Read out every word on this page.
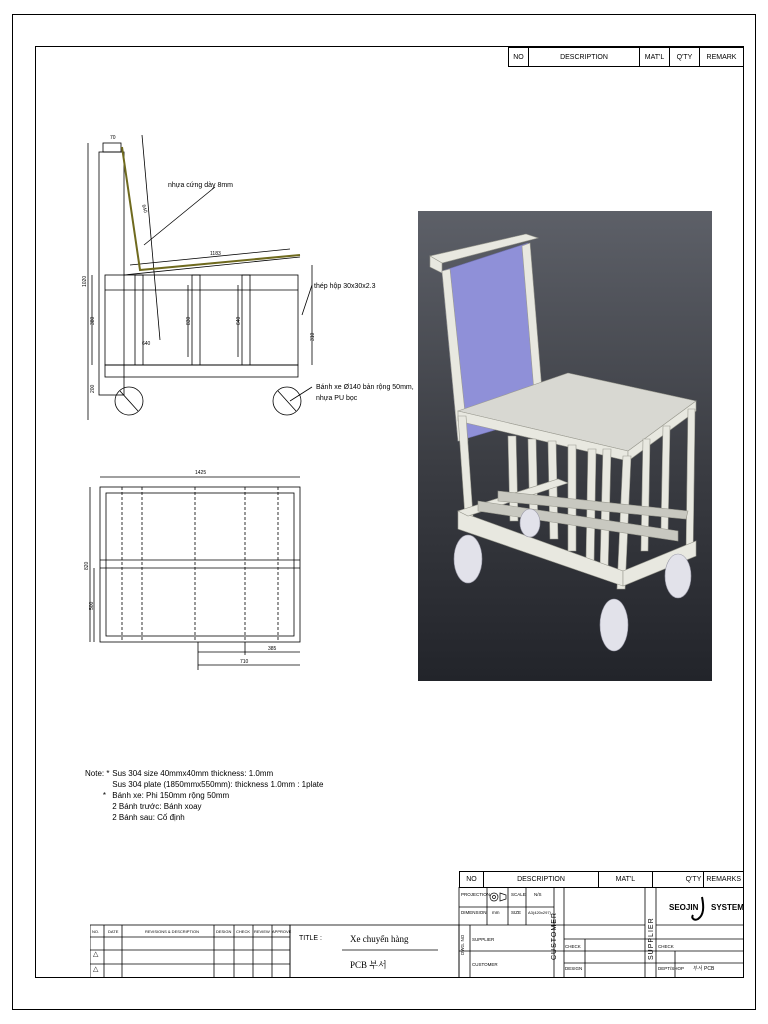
NO	DESCRIPTION	MAT'L	Q'TY	REMARK
70
1020
640
380
200
1183
640
830	640
310
nhựa cứng dày 8mm
thép hộp 30x30x2.3
Bánh xe Ø140 bản rộng 50mm,
nhựa PU bọc
1425
820
500
385
710
Note: * Sus 304 size 40mmx40mm thickness: 1.0mm
Sus 304 plate (1850mmx550mm): thickness 1.0mm : 1plate
* Bánh xe: Phi 150mm rộng 50mm
2 Bánh trước: Bánh xoay
2 Bánh sau: Cố định
NO	DESCRIPTION	MAT'L	Q'TY	REMARKS
PROJECTION	SCALE N/S
DIMENSION mm	SIZE A3(420x297)
DWG. NO SUPPLIER
CUSTOMER
CUSTOMER	SUPPLIER
CHECK
DESIGN
CHECK
DEPT/SHOP 부서 PCB
SEOJIN SYSTEM
NO. DATE	REVISIONS & DESCRIPTION	DESIGN CHECK REVIEW APPROVE
△
△
TITLE :	Xe chuyển hàng
PCB 부서
